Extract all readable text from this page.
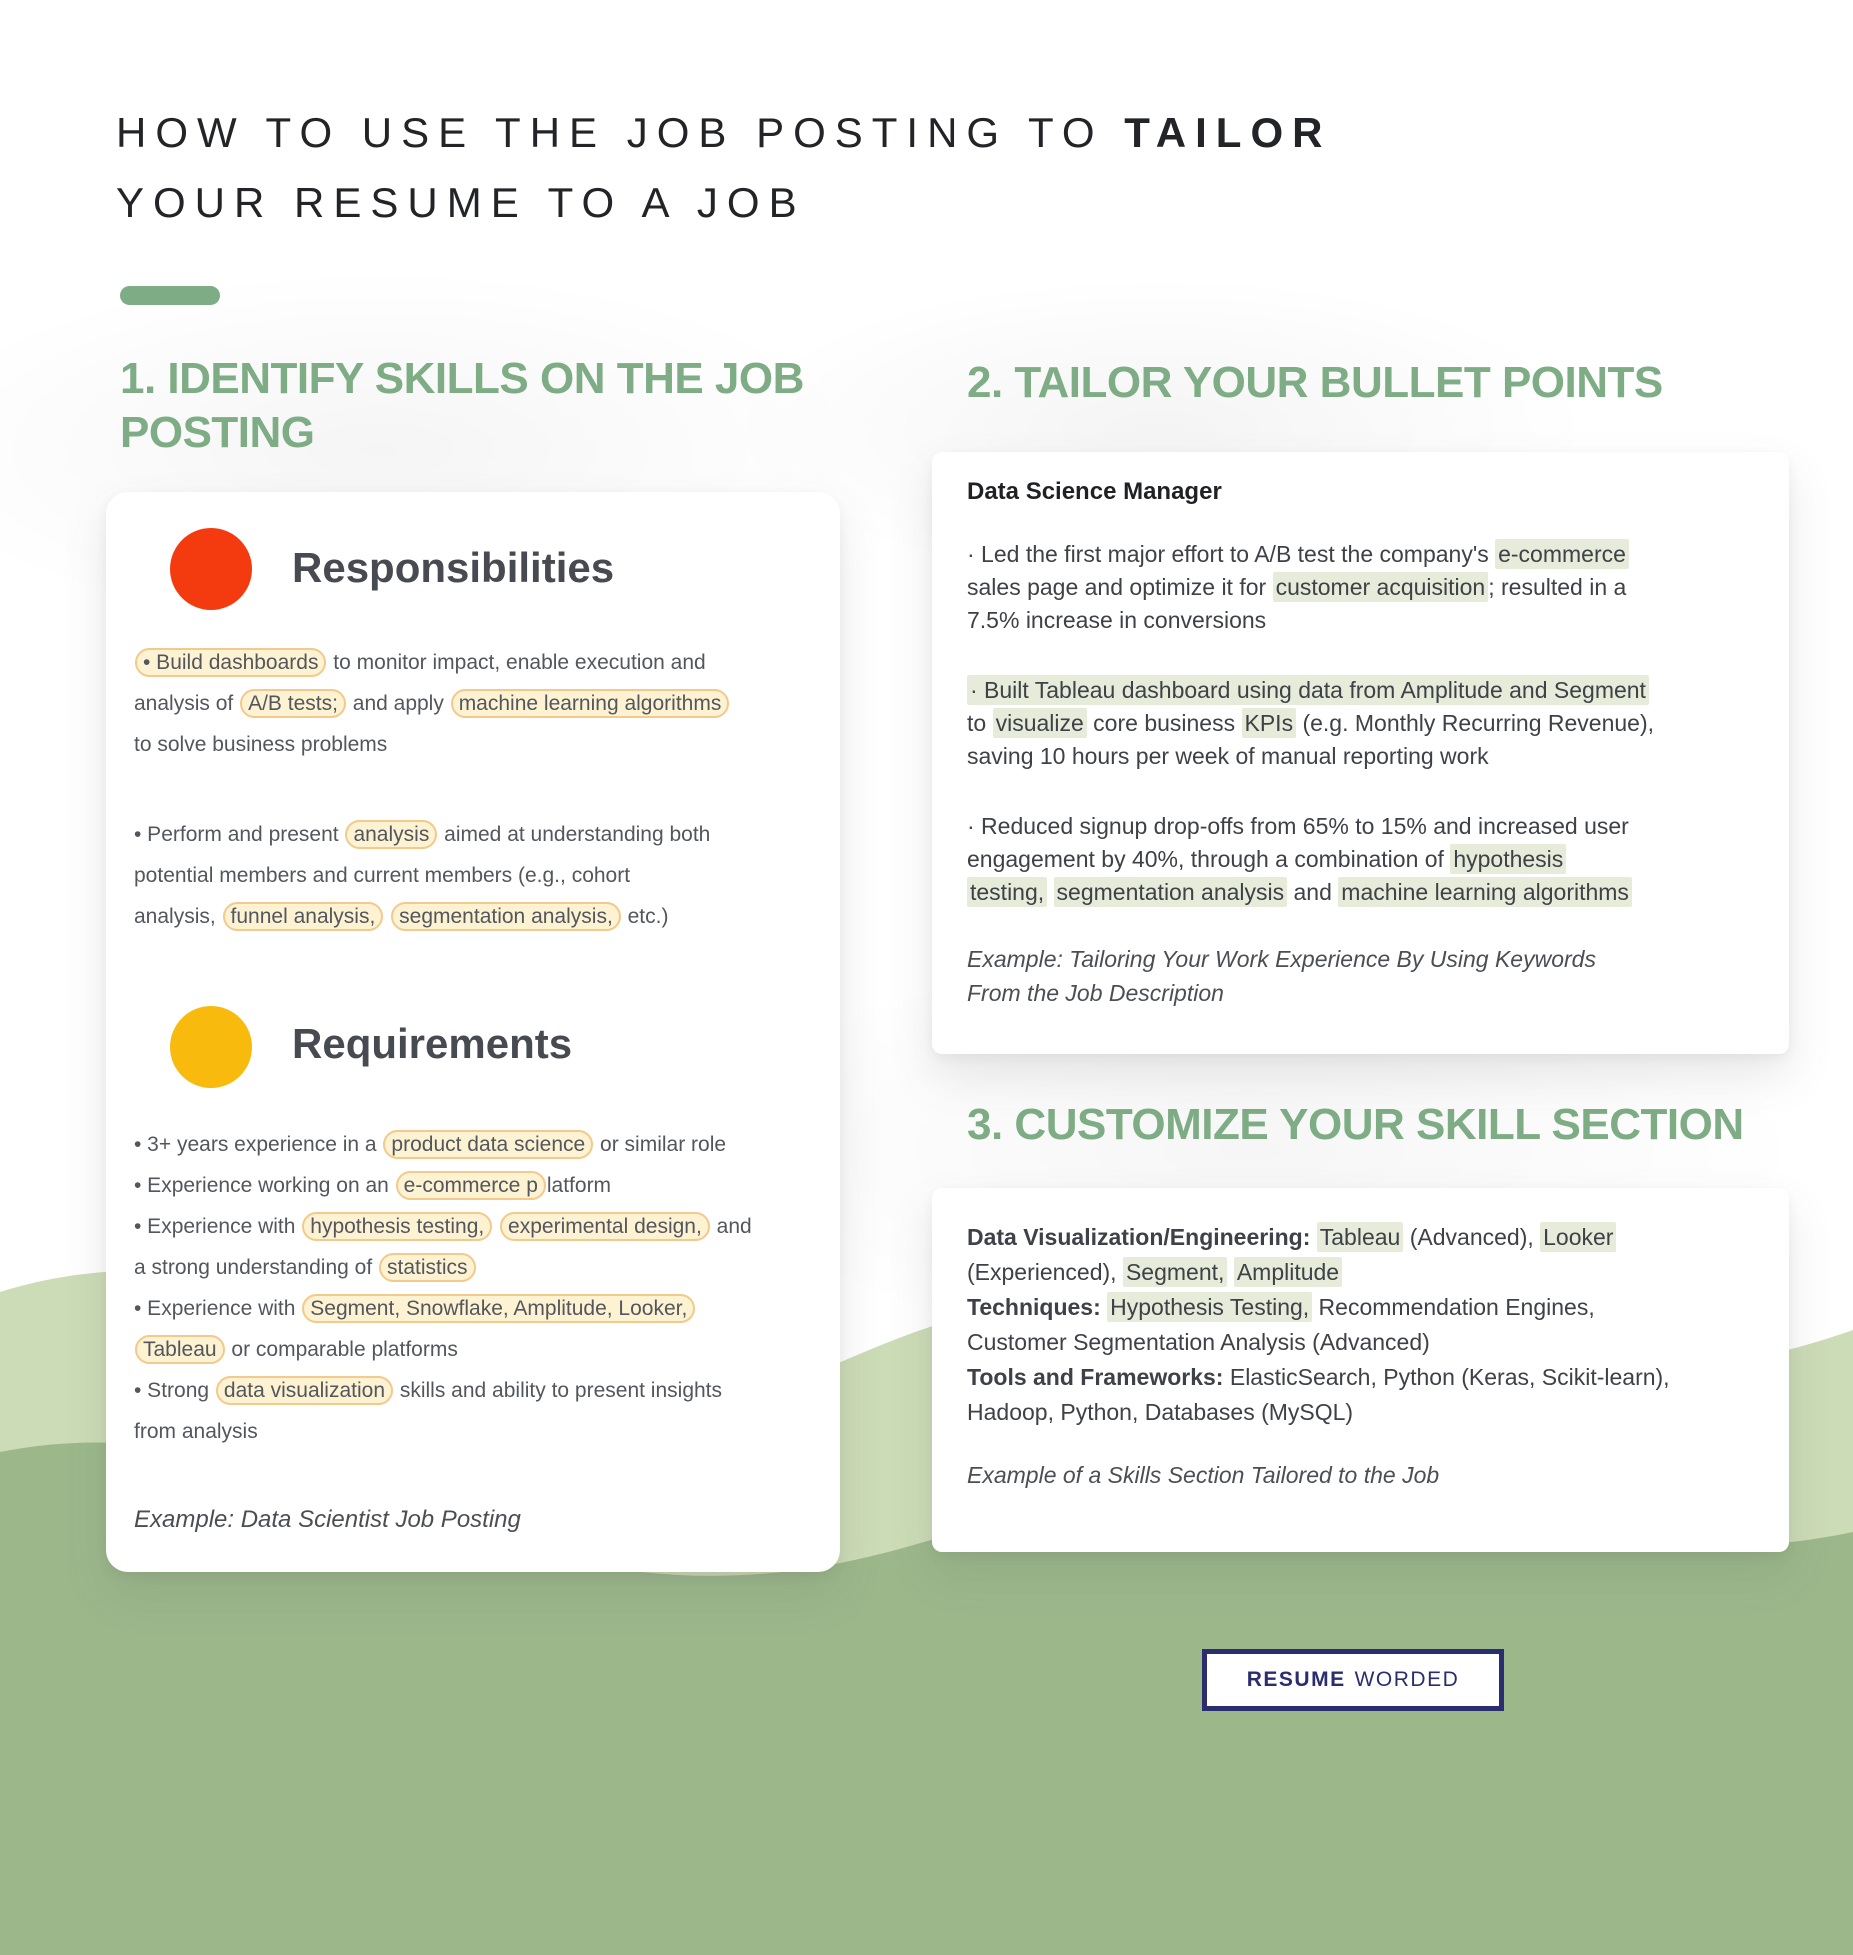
HOW TO USE THE JOB POSTING TO TAILOR
YOUR RESUME TO A JOB
1. IDENTIFY SKILLS ON THE JOB
POSTING
2. TAILOR YOUR BULLET POINTS
3. CUSTOMIZE YOUR SKILL SECTION
Responsibilities
• Build dashboards to monitor impact, enable execution and
analysis of A/B tests; and apply machine learning algorithms
to solve business problems
• Perform and present analysis aimed at understanding both
potential members and current members (e.g., cohort
analysis, funnel analysis, segmentation analysis, etc.)
Requirements
• 3+ years experience in a product data science or similar role
• Experience working on an e-commerce p latform
• Experience with hypothesis testing, experimental design, and
a strong understanding of statistics
• Experience with Segment, Snowflake, Amplitude, Looker,
Tableau or comparable platforms
• Strong data visualization skills and ability to present insights
from analysis
Example: Data Scientist Job Posting
Data Science Manager
· Led the first major effort to A/B test the company's e-commerce
sales page and optimize it for customer acquisition ; resulted in a
7.5% increase in conversions
· Built Tableau dashboard using data from Amplitude and Segment
to visualize core business KPIs (e.g. Monthly Recurring Revenue),
saving 10 hours per week of manual reporting work
· Reduced signup drop-offs from 65% to 15% and increased user
engagement by 40%, through a combination of hypothesis
testing, segmentation analysis and machine learning algorithms
Example: Tailoring Your Work Experience By Using Keywords
From the Job Description
Data Visualization/Engineering: Tableau (Advanced), Looker
(Experienced), Segment, Amplitude
Techniques: Hypothesis Testing, Recommendation Engines,
Customer Segmentation Analysis (Advanced)
Tools and Frameworks: ElasticSearch, Python (Keras, Scikit-learn),
Hadoop, Python, Databases (MySQL)
Example of a Skills Section Tailored to the Job
RESUME WORDED
